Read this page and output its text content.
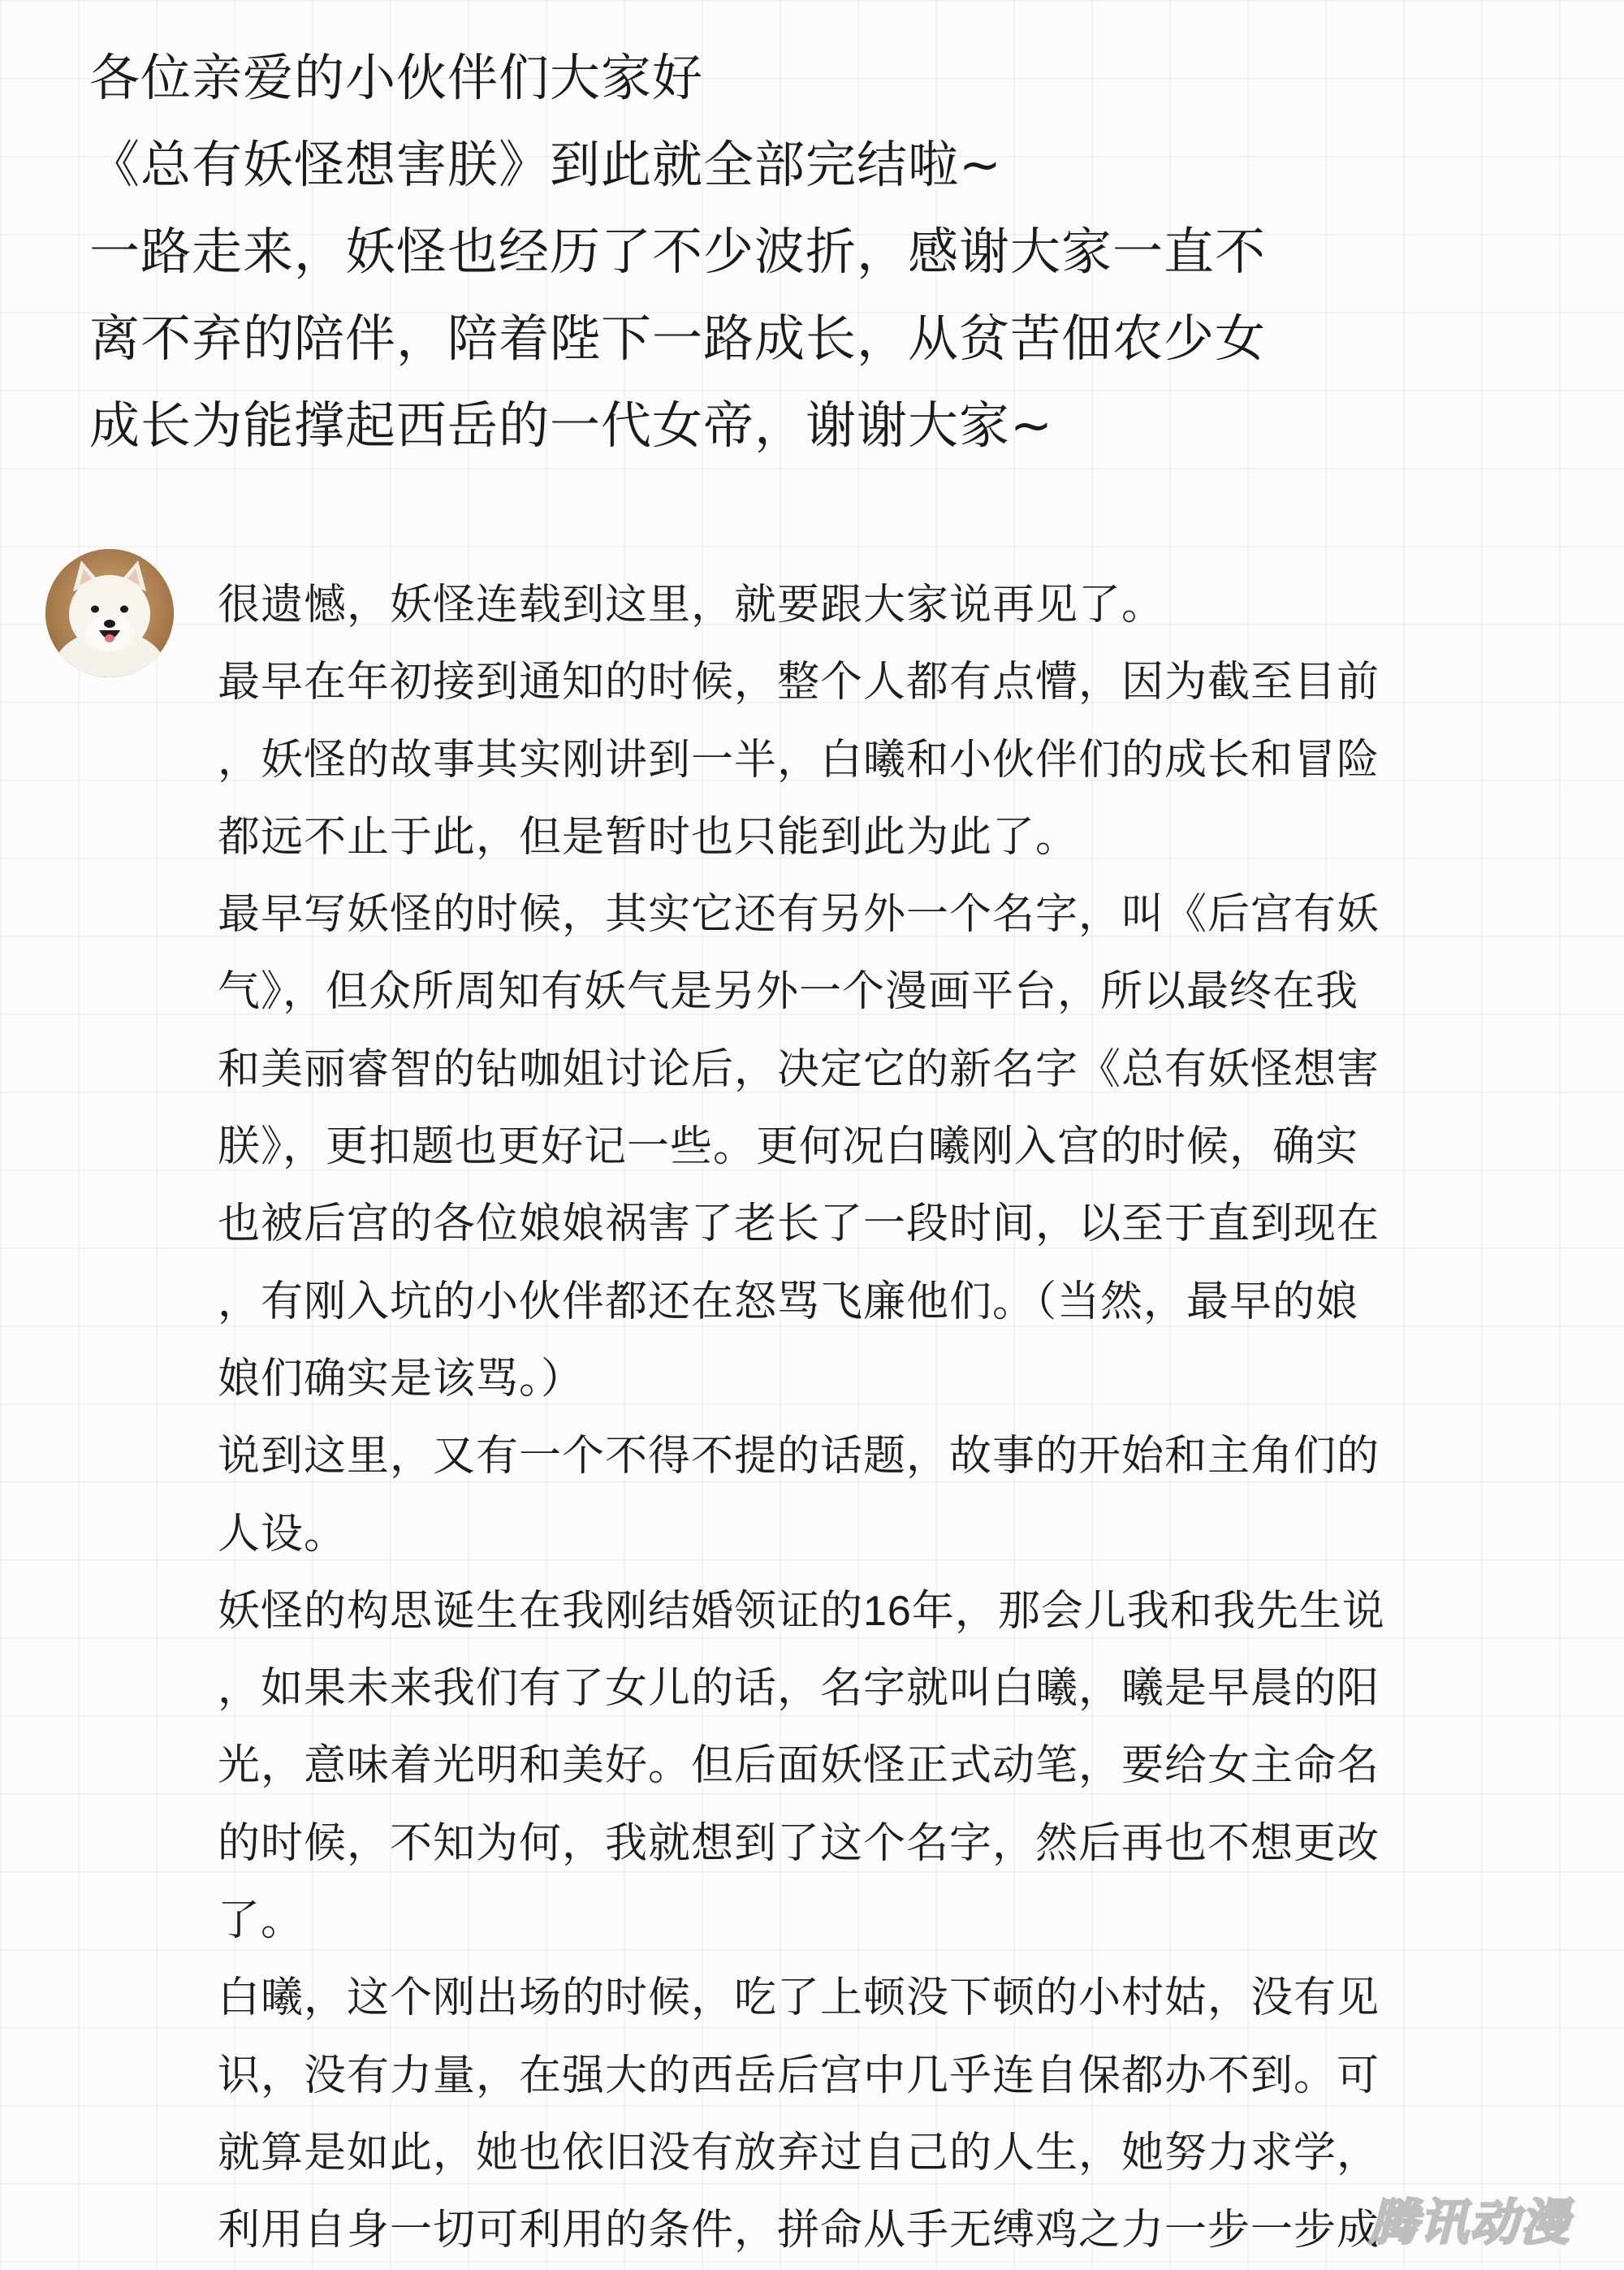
各位亲爱的小伙伴们大家好
《总有妖怪想害朕》到此就全部完结啦~
一路走来，妖怪也经历了不少波折，感谢大家一直不
离不弃的陪伴，陪着陛下一路成长，从贫苦佃农少女
成长为能撑起西岳的一代女帝，谢谢大家~
很遗憾，妖怪连载到这里，就要跟大家说再见了。
最早在年初接到通知的时候，整个人都有点懵，因为截至目前
，妖怪的故事其实刚讲到一半，白曦和小伙伴们的成长和冒险
都远不止于此，但是暂时也只能到此为此了。
最早写妖怪的时候，其实它还有另外一个名字，叫《后宫有妖
气》，但众所周知有妖气是另外一个漫画平台，所以最终在我
和美丽睿智的钻咖姐讨论后，决定它的新名字《总有妖怪想害
朕》，更扣题也更好记一些。更何况白曦刚入宫的时候，确实
也被后宫的各位娘娘祸害了老长了一段时间，以至于直到现在
，有刚入坑的小伙伴都还在怒骂飞廉他们。（当然，最早的娘
娘们确实是该骂。）
说到这里，又有一个不得不提的话题，故事的开始和主角们的
人设。
妖怪的构思诞生在我刚结婚领证的16年，那会儿我和我先生说
，如果未来我们有了女儿的话，名字就叫白曦，曦是早晨的阳
光，意味着光明和美好。但后面妖怪正式动笔，要给女主命名
的时候，不知为何，我就想到了这个名字，然后再也不想更改
了。
白曦，这个刚出场的时候，吃了上顿没下顿的小村姑，没有见
识，没有力量，在强大的西岳后宫中几乎连自保都办不到。可
就算是如此，她也依旧没有放弃过自己的人生，她努力求学，
利用自身一切可利用的条件，拼命从手无缚鸡之力一步一步成
腾讯动漫
